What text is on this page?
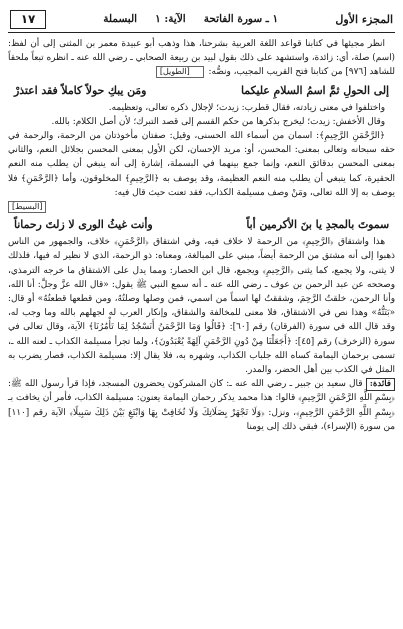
المجزء الأول
١ ـ سورة الفاتحة
الآية: ١
البسملة
١٧

انظر مجيئها في كتابنا قواعد اللغة العربية بشرحنا، هذا وذهب أبو عبيدة معمر بن المثنى إلى أن لفظ: (اسم) صلة، أي: زائدة، واستشهد على ذلك بقول لبيد بن ربيعة الصحابي ـ رضي الله عنه ـ انظره تبعاً ملحقاً للشاهد [٩٧٦] من كتابنا فتح القريب المجيب، ونصُّه: [الطويل]

إلى الحولِ ثمَّ اسمُ السلامِ عليكما
ومَن يبكِ حولاً كاملاً فقد اعتذرْ

واختلفوا في معنى زيادته، فقال قطرب: زيدت؛ لإجلال ذكره تعالى، وتعظيمه.

وقال الأخفش: زيدت؛ ليخرج بذكرها من حكم القسم إلى قصد التبرك؛ لأن أصل الكلام: بالله.

﴿الرَّحْمَنِ الرَّحِيمِ﴾: اسمان من أسماء الله الحسنى، وقيل: صفتان مأخوذتان من الرحمة، والرحمة في حقه سبحانه وتعالى بمعنى: المحسن، أو: مريد الإحسان، لكن الأول بمعنى المحسن بجلائل النعم، والثاني بمعنى المحسن بدقائق النعم، وإنما جمع بينهما في البسملة، إشارة إلى أنه ينبغي أن يطلب منه النعم الحقيرة، كما ينبغي أن يطلب منه النعم العظيمة، وقد يوصف به ﴿الرَّحِيمِ﴾ المخلوقون، وأما ﴿الرَّحْمَنِ﴾ فلا يوصف به إلا الله تعالى، ومَنْ وصف مسيلمة الكذاب، فقد تعنت حيث قال فيه:

[البسيط]
سموتَ بالمجدِ يا بنَ الأكرمين أباً
وأنت غيثُ الورى لا زلتَ رحماناً

هذا واشتقاق ﴿الرَّحِيمِ﴾ من الرحمة لا خلاف فيه، وفي اشتقاق ﴿الرَّحْمَنِ﴾ خلاف، والجمهور من الناس ذهبوا إلى أنه مشتق من الرحمة أيضاً، مبني على المبالغة، ومعناه: ذو الرحمة، الذي لا نظير له فيها، فلذلك لا يثنى، ولا يجمع، كما يثنى ﴿الرَّحِيمِ﴾ ويجمع، قال ابن الحصار: ومما يدل على الاشتقاق ما خرجه الترمذي، وصححه عن عبد الرحمن بن عوف ـ رضي الله عنه ـ أنه سمع النبي ﷺ يقول: «قال الله عزَّ وجلَّ: أنا الله، وأنا الرحمن، خلقتُ الرَّحِمَ، وشققتُ لها اسماً من اسمي، فمن وصلها وصلتُهُ، ومن قطعها قطعتُهُ» أو قال: «بَتَتُّهُ» وهذا نص في الاشتقاق، فلا معنى للمخالفة والشقاق، وإنكار العرب له لجهلهم بالله وما وجب له، وقد قال الله في سورة (الفرقان) رقم [٦٠]: ﴿قَالُوا وَمَا الرَّحْمَنُ أَنَسْجُدُ لِمَا تَأْمُرُنَا﴾ الآية، وقال تعالى في سورة (الزخرف) رقم [٤٥]: ﴿أَجَعَلْنَا مِنْ دُونِ الرَّحْمَنِ آلِهَةً يُعْبَدُونَ﴾، ولما تجرأ مسيلمة الكذاب ـ لعنه الله ـ، تسمى برحمان اليمامة كساه الله جلباب الكذاب، وشهره به، فلا يقال إلا: مسيلمة الكذاب، فصار يضرب به المثل في الكذب بين أهل الحضر، والمدر.

فائدة: قال سعيد بن جبير ـ رضي الله عنه ـ: كان المشركون يحضرون المسجد، فإذا قرأ رسول الله ﷺ: ﴿بِسْمِ اللَّهِ الرَّحْمَنِ الرَّحِيمِ﴾ قالوا: هذا محمد يذكر رحمان اليمامة يعنون: مسيلمة الكذاب، فأمر أن يخافت بـ ﴿بِسْمِ اللَّهِ الرَّحْمَنِ الرَّحِيمِ﴾، ونزل: ﴿وَلَا تَجْهَرْ بِصَلَاتِكَ وَلَا تُخَافِتْ بِهَا وَابْتَغِ بَيْنَ ذَلِكَ سَبِيلًا﴾ الآية رقم [١١٠] من سورة (الإسراء)، فبقي ذلك إلى يومنا
